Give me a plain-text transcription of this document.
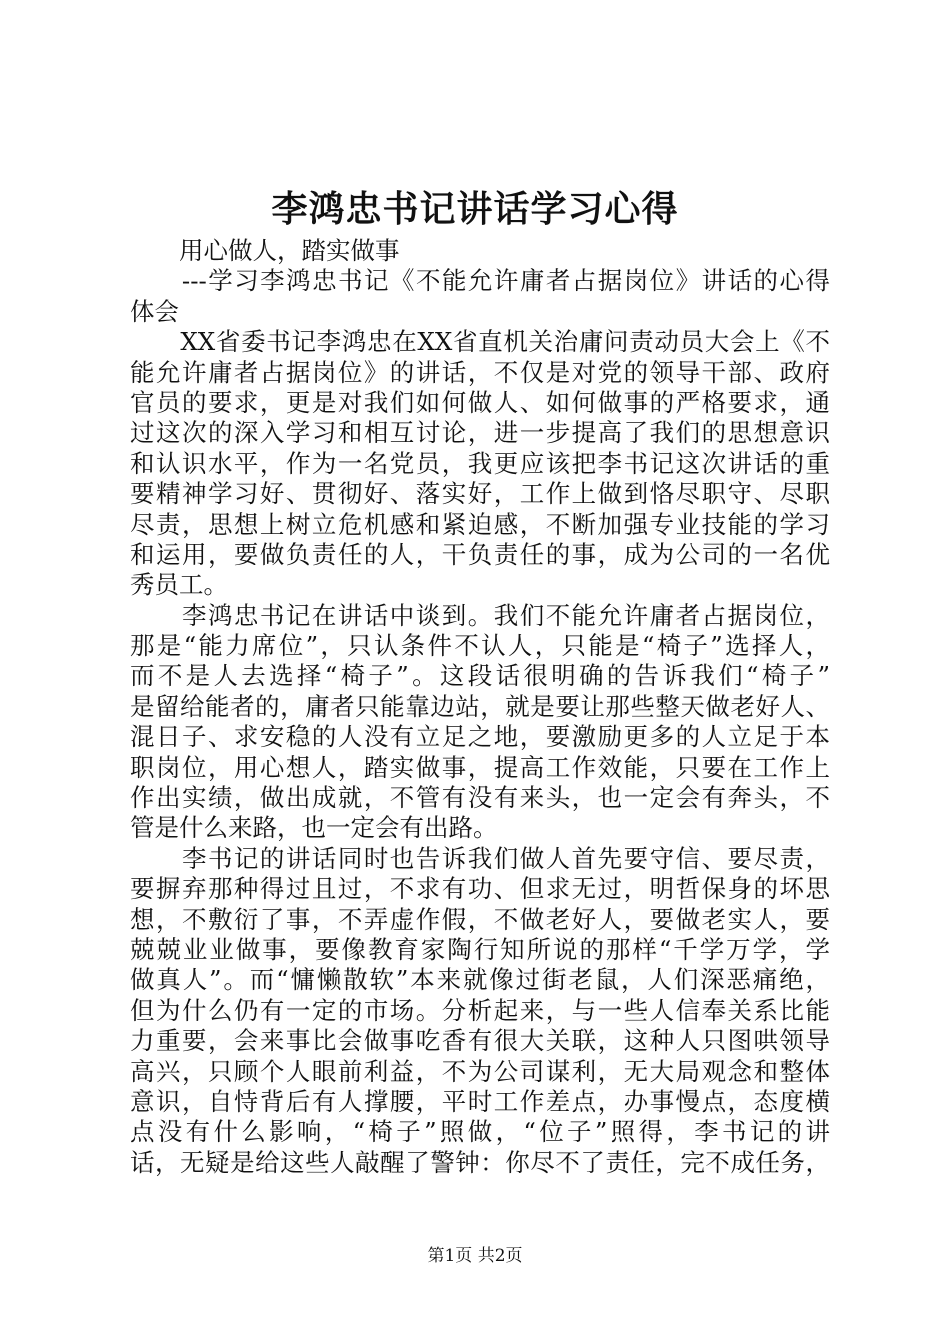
李鸿忠书记讲话学习心得
　　用心做人，踏实做事
　　---学习李鸿忠书记《不能允许庸者占据岗位》讲话的心得
体会
　　XX省委书记李鸿忠在XX省直机关治庸问责动员大会上《不
能允许庸者占据岗位》的讲话，不仅是对党的领导干部、政府
官员的要求，更是对我们如何做人、如何做事的严格要求，通
过这次的深入学习和相互讨论，进一步提高了我们的思想意识
和认识水平，作为一名党员，我更应该把李书记这次讲话的重
要精神学习好、贯彻好、落实好，工作上做到恪尽职守、尽职
尽责，思想上树立危机感和紧迫感，不断加强专业技能的学习
和运用，要做负责任的人，干负责任的事，成为公司的一名优
秀员工。
　　李鸿忠书记在讲话中谈到。我们不能允许庸者占据岗位，
那是“能力席位”，只认条件不认人，只能是“椅子”选择人，
而不是人去选择“椅子”。这段话很明确的告诉我们“椅子”
是留给能者的，庸者只能靠边站，就是要让那些整天做老好人、
混日子、求安稳的人没有立足之地，要激励更多的人立足于本
职岗位，用心想人，踏实做事，提高工作效能，只要在工作上
作出实绩，做出成就，不管有没有来头，也一定会有奔头，不
管是什么来路，也一定会有出路。
　　李书记的讲话同时也告诉我们做人首先要守信、要尽责，
要摒弃那种得过且过，不求有功、但求无过，明哲保身的坏思
想，不敷衍了事，不弄虚作假，不做老好人，要做老实人，要
兢兢业业做事，要像教育家陶行知所说的那样“千学万学，学
做真人”。而“慵懒散软”本来就像过街老鼠，人们深恶痛绝，
但为什么仍有一定的市场。分析起来，与一些人信奉关系比能
力重要，会来事比会做事吃香有很大关联，这种人只图哄领导
高兴，只顾个人眼前利益，不为公司谋利，无大局观念和整体
意识，自恃背后有人撑腰，平时工作差点，办事慢点，态度横
点没有什么影响，“椅子”照做，“位子”照得，李书记的讲
话，无疑是给这些人敲醒了警钟：你尽不了责任，完不成任务，
第1页 共2页
